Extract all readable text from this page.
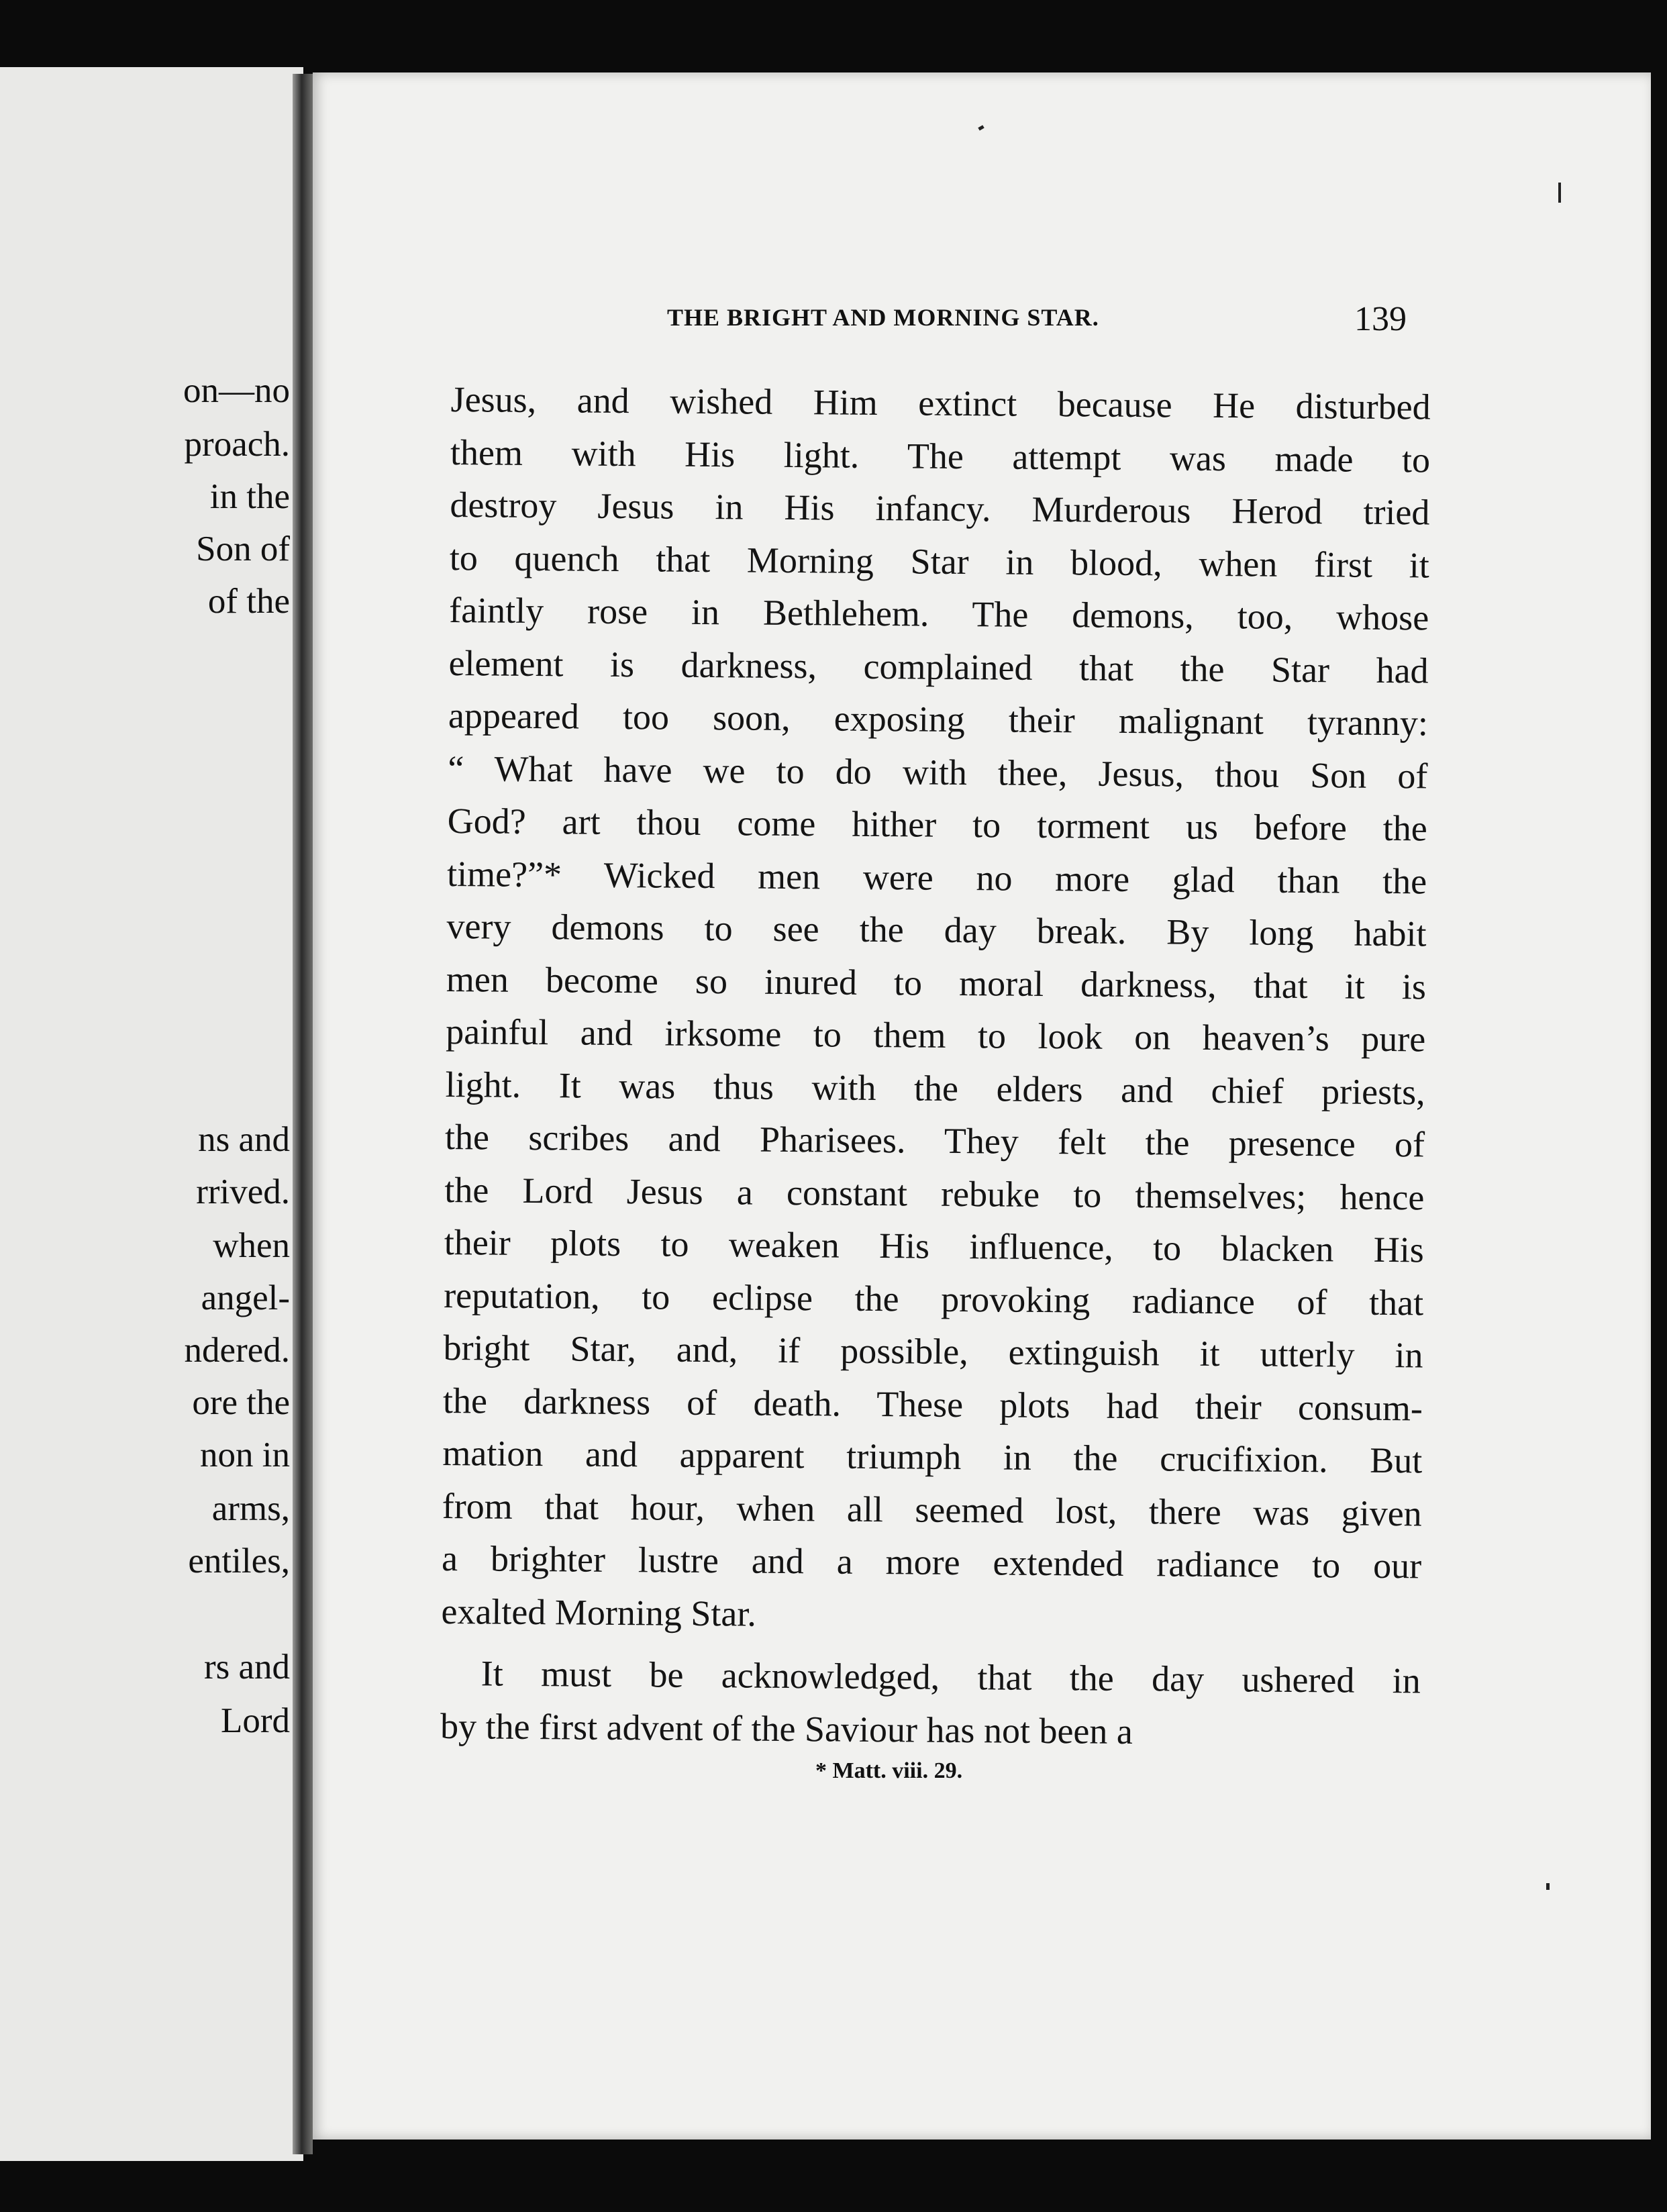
on—no
proach.
in the
Son of
of the
ns and
rrived.
when
angel-
ndered.
ore the
non in
arms,
entiles,
rs and
Lord
THE BRIGHT AND MORNING STAR.	139
Jesus, and wished Him extinct because He disturbed
them with His light. The attempt was made to
destroy Jesus in His infancy. Murderous Herod tried
to quench that Morning Star in blood, when first it
faintly rose in Bethlehem. The demons, too, whose
element is darkness, complained that the Star had
appeared too soon, exposing their malignant tyranny:
“ What have we to do with thee, Jesus, thou Son of
God? art thou come hither to torment us before the
time?”* Wicked men were no more glad than the
very demons to see the day break. By long habit
men become so inured to moral darkness, that it is
painful and irksome to them to look on heaven’s pure
light. It was thus with the elders and chief priests,
the scribes and Pharisees. They felt the presence of
the Lord Jesus a constant rebuke to themselves; hence
their plots to weaken His influence, to blacken His
reputation, to eclipse the provoking radiance of that
bright Star, and, if possible, extinguish it utterly in
the darkness of death. These plots had their consum-
mation and apparent triumph in the crucifixion. But
from that hour, when all seemed lost, there was given
a brighter lustre and a more extended radiance to our
exalted Morning Star.
It must be acknowledged, that the day ushered in
by the first advent of the Saviour has not been a
* Matt. viii. 29.
